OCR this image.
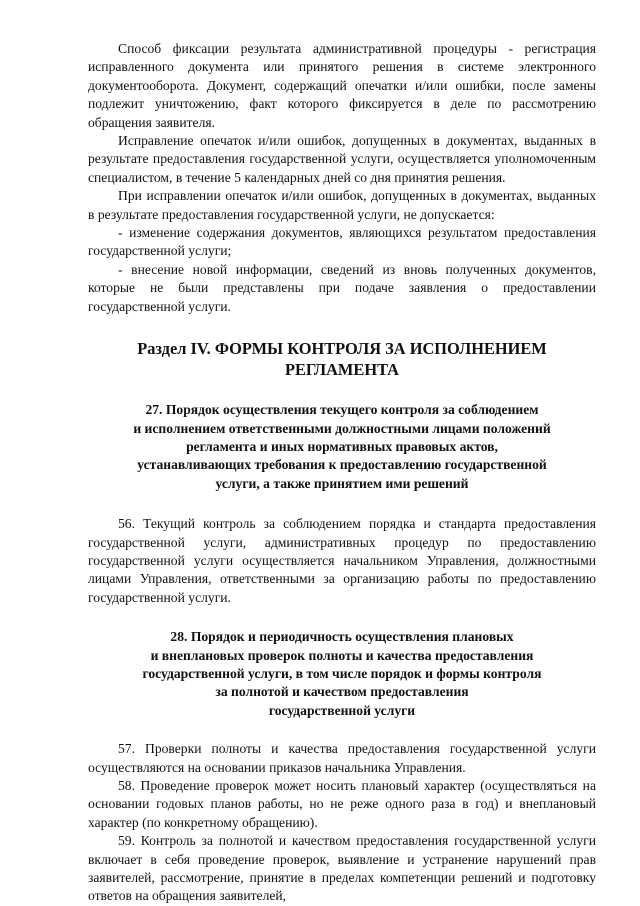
Способ фиксации результата административной процедуры - регистрация исправленного документа или принятого решения в системе электронного документооборота. Документ, содержащий опечатки и/или ошибки, после замены подлежит уничтожению, факт которого фиксируется в деле по рассмотрению обращения заявителя.

Исправление опечаток и/или ошибок, допущенных в документах, выданных в результате предоставления государственной услуги, осуществляется уполномоченным специалистом, в течение 5 календарных дней со дня принятия решения.

При исправлении опечаток и/или ошибок, допущенных в документах, выданных в результате предоставления государственной услуги, не допускается:

- изменение содержания документов, являющихся результатом предоставления государственной услуги;

- внесение новой информации, сведений из вновь полученных документов, которые не были представлены при подаче заявления о предоставлении государственной услуги.

Раздел IV. ФОРМЫ КОНТРОЛЯ ЗА ИСПОЛНЕНИЕМ РЕГЛАМЕНТА
27. Порядок осуществления текущего контроля за соблюдением
и исполнением ответственными должностными лицами положений
регламента и иных нормативных правовых актов,
устанавливающих требования к предоставлению государственной
услуги, а также принятием ими решений

56. Текущий контроль за соблюдением порядка и стандарта предоставления государственной услуги, административных процедур по предоставлению государственной услуги осуществляется начальником Управления, должностными лицами Управления, ответственными за организацию работы по предоставлению государственной услуги.

28. Порядок и периодичность осуществления плановых
и внеплановых проверок полноты и качества предоставления
государственной услуги, в том числе порядок и формы контроля
за полнотой и качеством предоставления
государственной услуги

57. Проверки полноты и качества предоставления государственной услуги осуществляются на основании приказов начальника Управления.

58. Проведение проверок может носить плановый характер (осуществляться на основании годовых планов работы, но не реже одного раза в год) и внеплановый характер (по конкретному обращению).

59. Контроль за полнотой и качеством предоставления государственной услуги включает в себя проведение проверок, выявление и устранение нарушений прав заявителей, рассмотрение, принятие в пределах компетенции решений и подготовку ответов на обращения заявителей,
